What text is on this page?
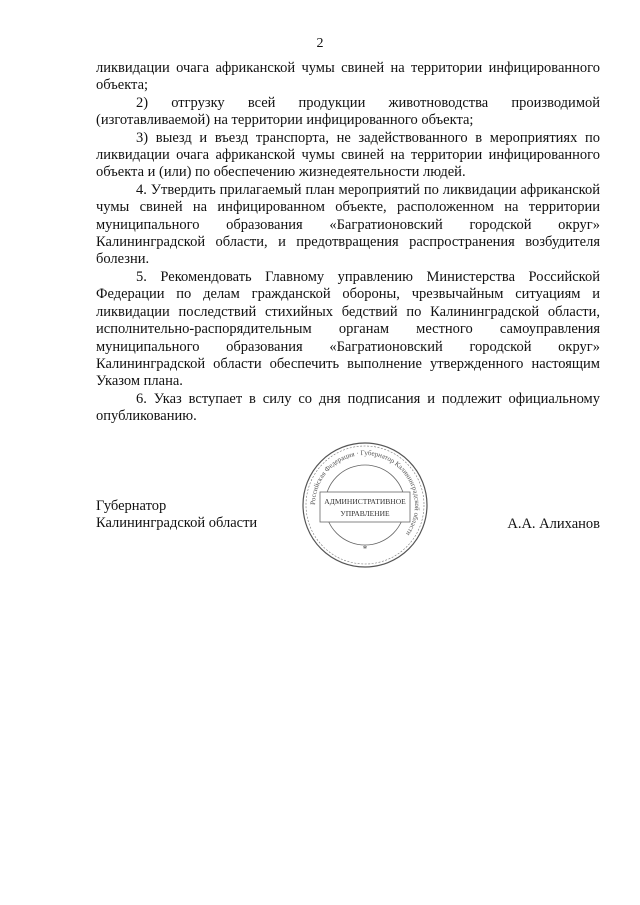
2

ликвидации очага африканской чумы свиней на территории инфицированного объекта;

2) отгрузку всей продукции животноводства производимой (изготавливаемой) на территории инфицированного объекта;

3) выезд и въезд транспорта, не задействованного в мероприятиях по ликвидации очага африканской чумы свиней на территории инфицированного объекта и (или) по обеспечению жизнедеятельности людей.

4. Утвердить прилагаемый план мероприятий по ликвидации африканской чумы свиней на инфицированном объекте, расположенном на территории муниципального образования «Багратионовский городской округ» Калининградской области, и предотвращения распространения возбудителя болезни.

5. Рекомендовать Главному управлению Министерства Российской Федерации по делам гражданской обороны, чрезвычайным ситуациям и ликвидации последствий стихийных бедствий по Калининградской области, исполнительно-распорядительным органам местного самоуправления муниципального образования «Багратионовский городской округ» Калининградской области обеспечить выполнение утвержденного настоящим Указом плана.

6. Указ вступает в силу со дня подписания и подлежит официальному опубликованию.

Губернатор
Калининградской области
Российская Федерация · Губернатор Калининградской области
АДМИНИСТРАТИВНОЕ
УПРАВЛЕНИЕ
*
А.А. Алиханов
